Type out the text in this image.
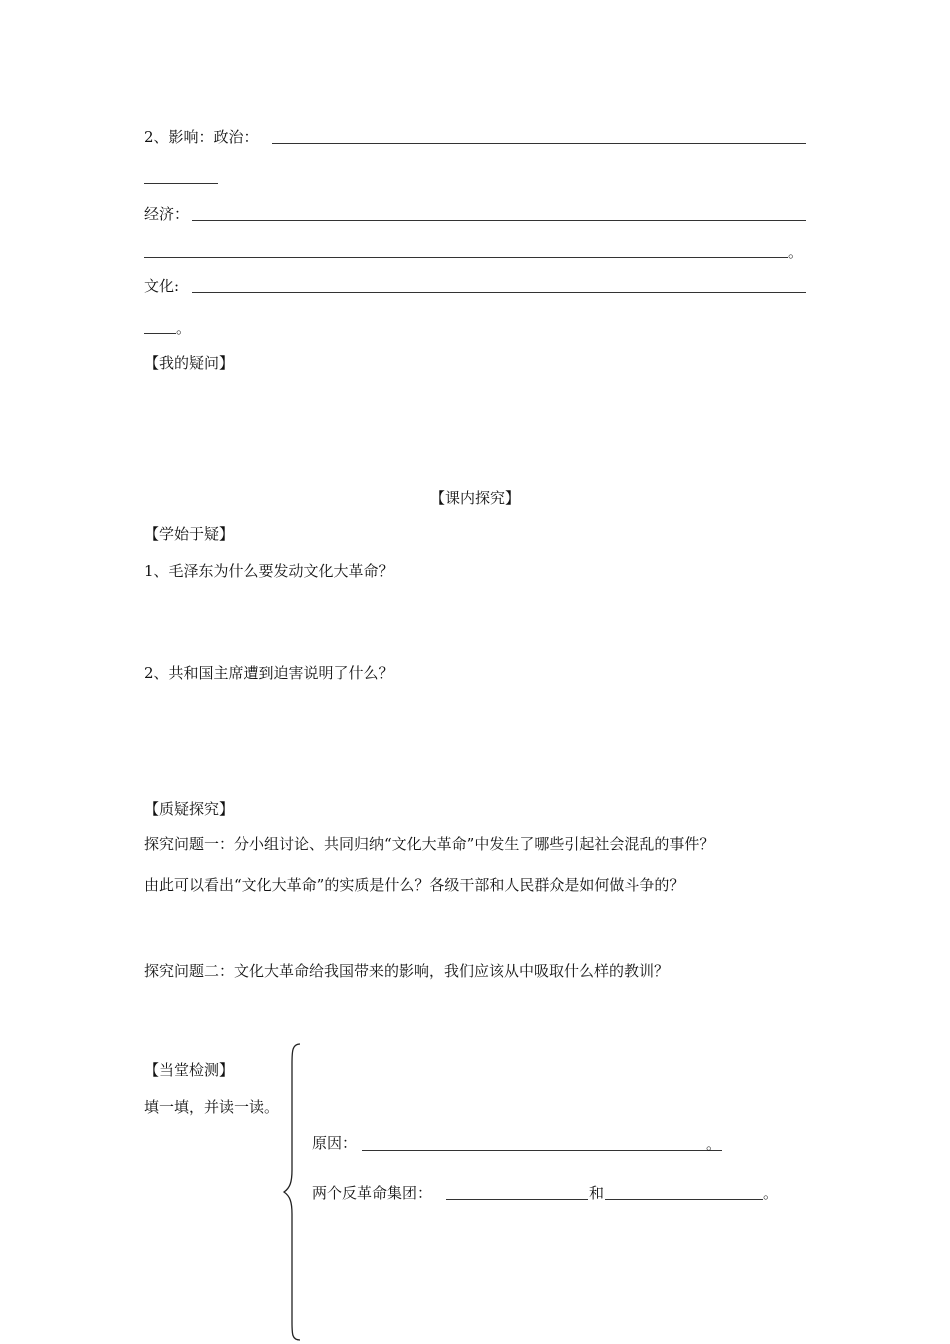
2、影响：政治：
经济：
。
文化:
。
【我的疑问】
【课内探究】
【学始于疑】
1、毛泽东为什么要发动文化大革命？
2、共和国主席遭到迫害说明了什么？
【质疑探究】
探究问题一：分小组讨论、共同归纳“文化大革命”中发生了哪些引起社会混乱的事件？
由此可以看出“文化大革命”的实质是什么？各级干部和人民群众是如何做斗争的？
探究问题二：文化大革命给我国带来的影响，我们应该从中吸取什么样的教训？
【当堂检测】
填一填，并读一读。
原因：	。
两个反革命集团：	和	。
